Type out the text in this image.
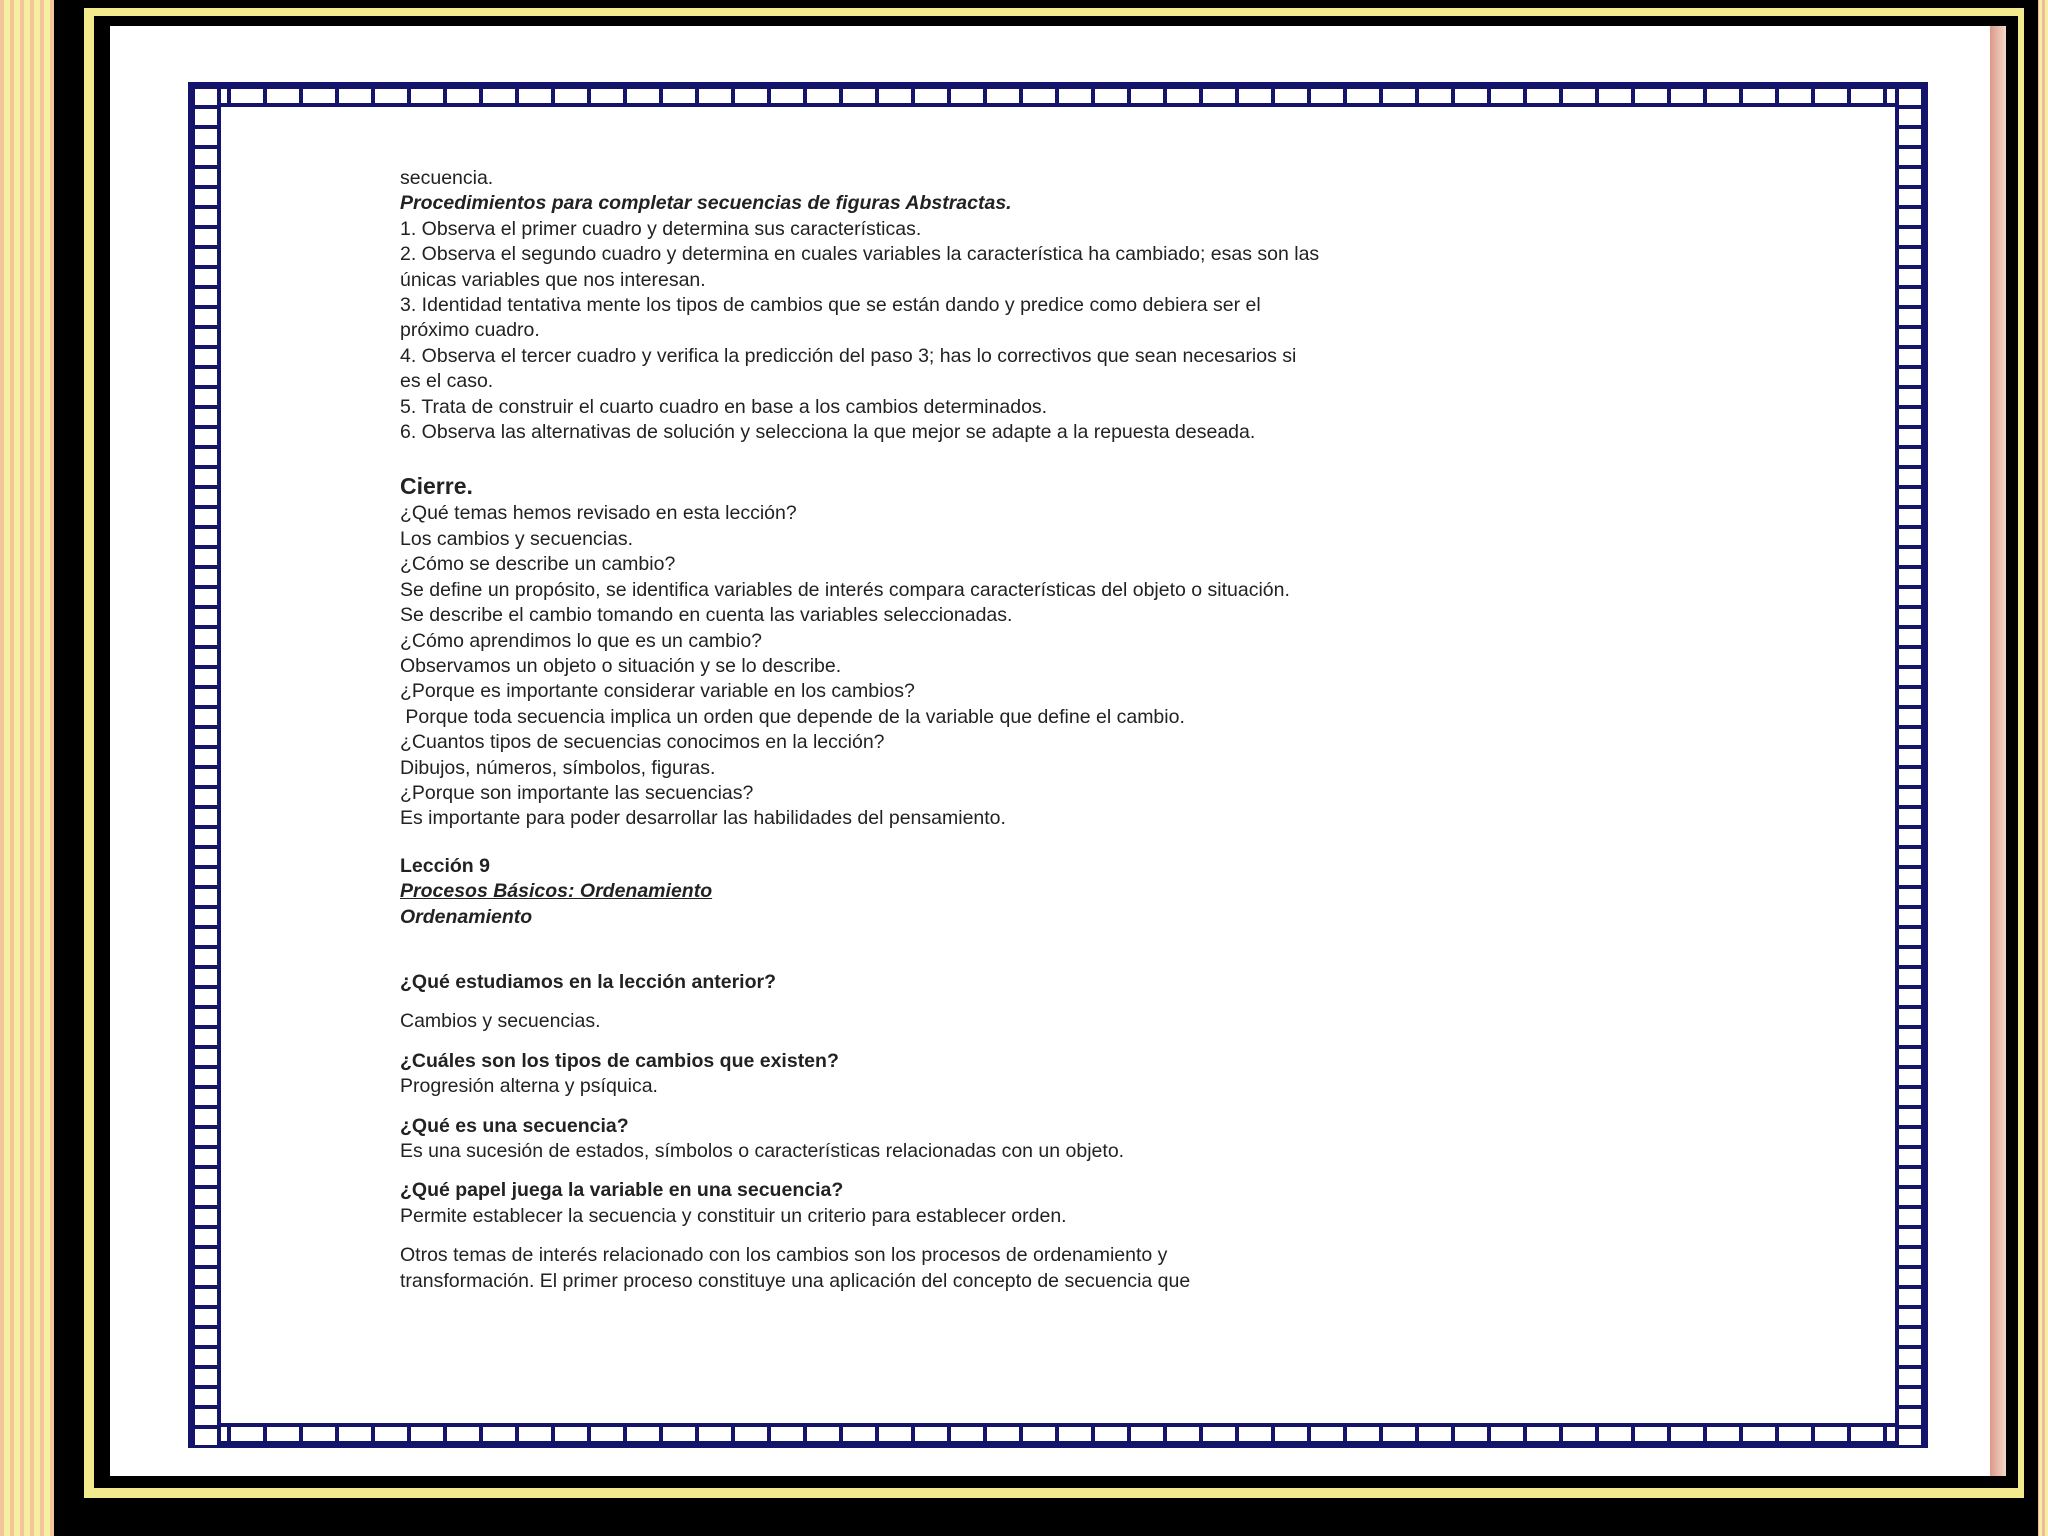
secuencia.

Procedimientos para completar secuencias de figuras Abstractas.

1. Observa el primer cuadro y determina sus características.

2. Observa el segundo cuadro y determina en cuales variables la característica ha cambiado; esas son las

únicas variables que nos interesan.

3. Identidad tentativa mente los tipos de cambios que se están dando y predice como debiera ser el

próximo cuadro.

4. Observa el tercer cuadro y verifica la predicción del paso 3; has lo correctivos que sean necesarios si

es el caso.

5. Trata de construir el cuarto cuadro en base a los cambios determinados.

6. Observa las alternativas de solución y selecciona la que mejor se adapte a la repuesta deseada.

Cierre.

¿Qué temas hemos revisado en esta lección?

Los cambios y secuencias.

¿Cómo se describe un cambio?

Se define un propósito, se identifica variables de interés compara características del objeto o situación.

Se describe el cambio tomando en cuenta las variables seleccionadas.

¿Cómo aprendimos lo que es un cambio?

Observamos un objeto o situación y se lo describe.

¿Porque es importante considerar variable en los cambios?

Porque toda secuencia implica un orden que depende de la variable que define el cambio.

¿Cuantos tipos de secuencias conocimos en la lección?

Dibujos, números, símbolos, figuras.

¿Porque son importante las secuencias?

Es importante para poder desarrollar las habilidades del pensamiento.

Lección 9

Procesos Básicos: Ordenamiento

Ordenamiento

¿Qué estudiamos en la lección anterior?

Cambios y secuencias.

¿Cuáles son los tipos de cambios que existen?

Progresión alterna y psíquica.

¿Qué es una secuencia?

Es una sucesión de estados, símbolos o características relacionadas con un objeto.

¿Qué papel juega la variable en una secuencia?

Permite establecer la secuencia y constituir un criterio para establecer orden.

Otros temas de interés relacionado con los cambios son los procesos de ordenamiento y

transformación. El primer proceso constituye una aplicación del concepto de secuencia que
